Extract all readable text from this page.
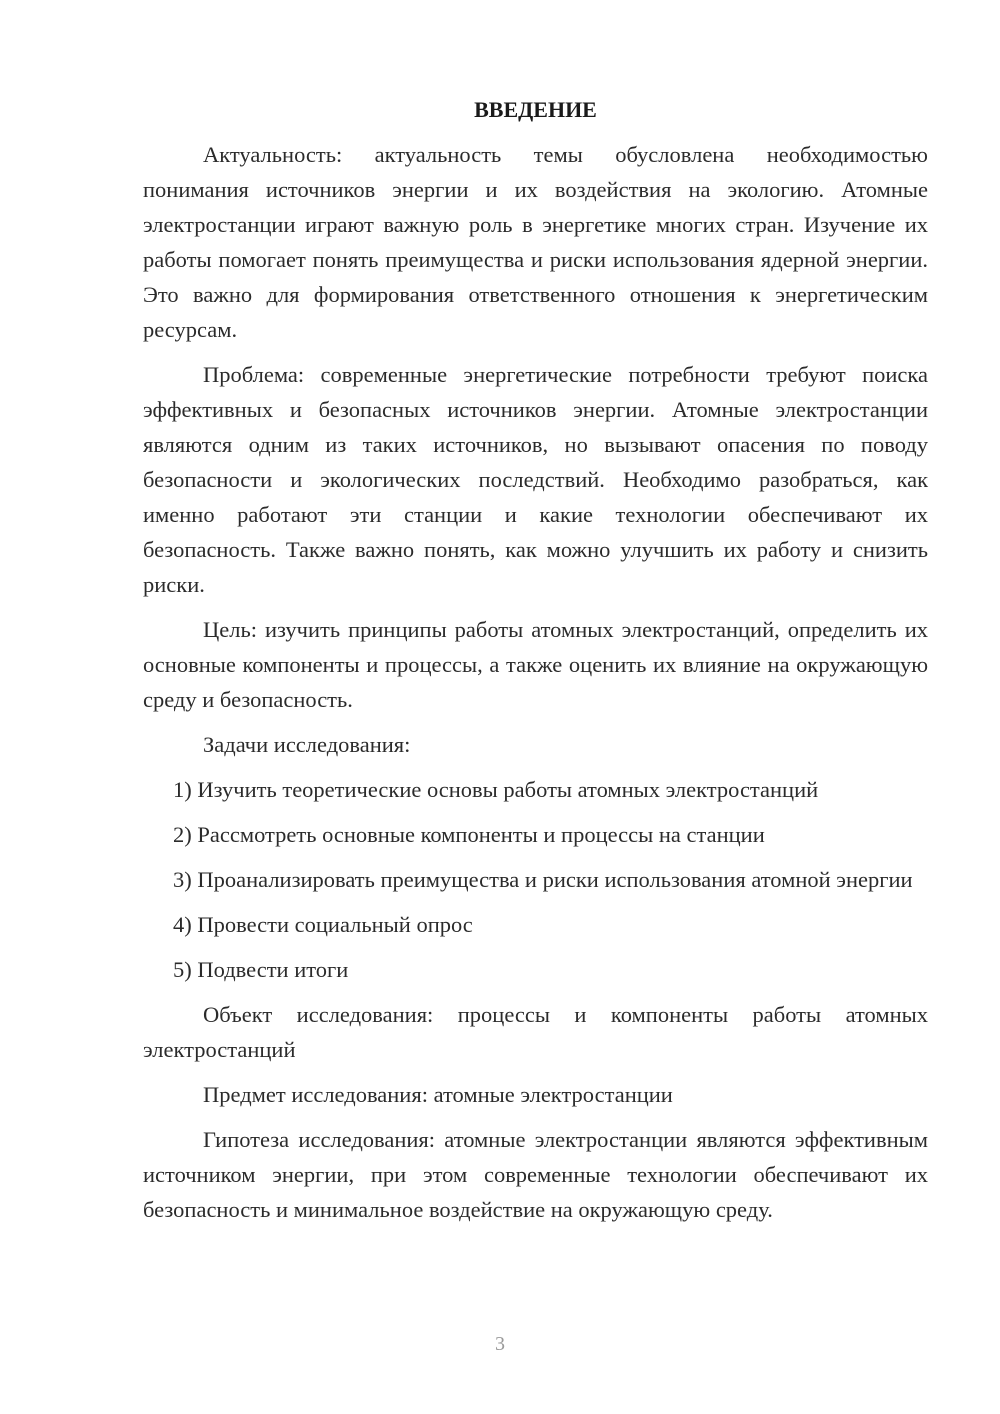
ВВЕДЕНИЕ

Актуальность: актуальность темы обусловлена необходимостью понимания источников энергии и их воздействия на экологию. Атомные электростанции играют важную роль в энергетике многих стран. Изучение их работы помогает понять преимущества и риски использования ядерной энергии. Это важно для формирования ответственного отношения к энергетическим ресурсам.

Проблема: современные энергетические потребности требуют поиска эффективных и безопасных источников энергии. Атомные электростанции являются одним из таких источников, но вызывают опасения по поводу безопасности и экологических последствий. Необходимо разобраться, как именно работают эти станции и какие технологии обеспечивают их безопасность. Также важно понять, как можно улучшить их работу и снизить риски.

Цель: изучить принципы работы атомных электростанций, определить их основные компоненты и процессы, а также оценить их влияние на окружающую среду и безопасность.

Задачи исследования:

1) Изучить теоретические основы работы атомных электростанций

2) Рассмотреть основные компоненты и процессы на станции

3) Проанализировать преимущества и риски использования атомной энергии

4) Провести социальный опрос

5) Подвести итоги

Объект исследования: процессы и компоненты работы атомных электростанций

Предмет исследования: атомные электростанции

Гипотеза исследования: атомные электростанции являются эффективным источником энергии, при этом современные технологии обеспечивают их безопасность и минимальное воздействие на окружающую среду.

3
